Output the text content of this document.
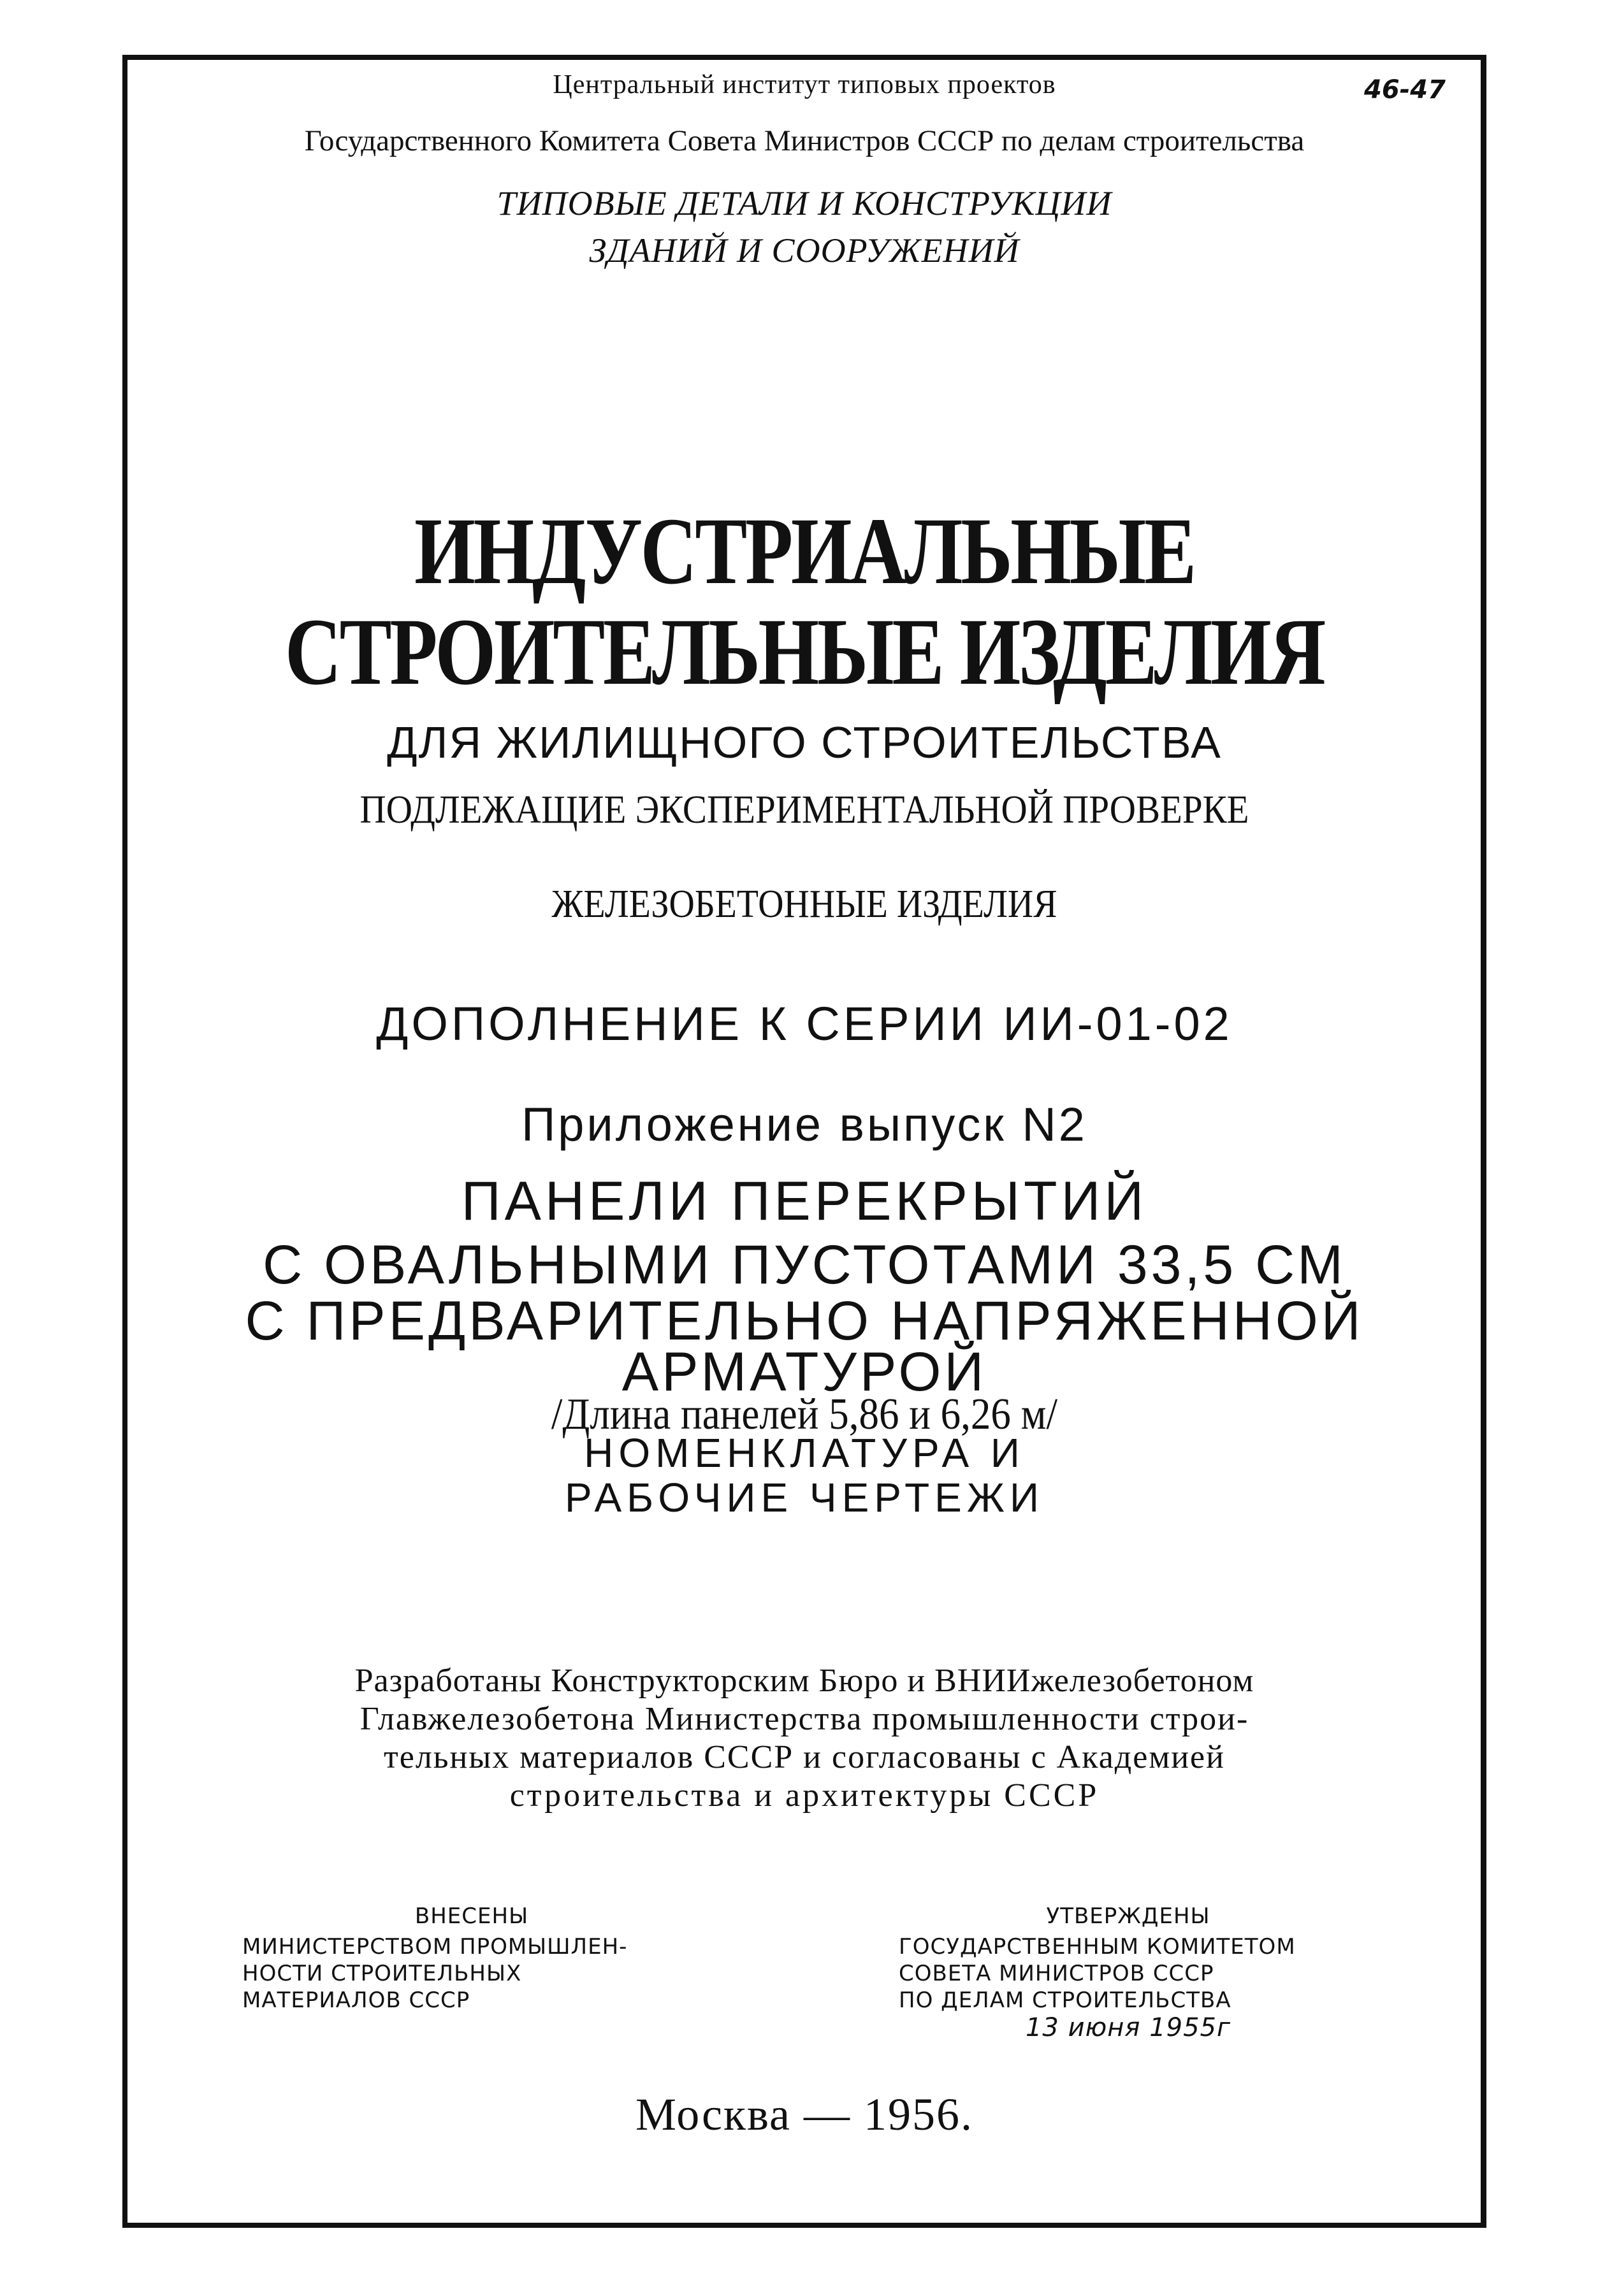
Центральный институт типовых проектов	46-47
Государственного Комитета Совета Министров СССР по делам строительства
ТИПОВЫЕ ДЕТАЛИ И КОНСТРУКЦИИ
ЗДАНИЙ И СООРУЖЕНИЙ
ИНДУСТРИАЛЬНЫЕ
СТРОИТЕЛЬНЫЕ ИЗДЕЛИЯ
ДЛЯ ЖИЛИЩНОГО СТРОИТЕЛЬСТВА
ПОДЛЕЖАЩИЕ ЭКСПЕРИМЕНТАЛЬНОЙ ПРОВЕРКЕ
ЖЕЛЕЗОБЕТОННЫЕ ИЗДЕЛИЯ
ДОПОЛНЕНИЕ К СЕРИИ ИИ-01-02
Приложение выпуск N2
ПАНЕЛИ ПЕРЕКРЫТИЙ
С ОВАЛЬНЫМИ ПУСТОТАМИ 33,5 СМ
С ПРЕДВАРИТЕЛЬНО НАПРЯЖЕННОЙ
АРМАТУРОЙ
/Длина панелей 5,86 и 6,26 м/
НОМЕНКЛАТУРА И
РАБОЧИЕ ЧЕРТЕЖИ
Разработаны Конструкторским Бюро и ВНИИжелезобетоном
Главжелезобетона Министерства промышленности строи-
тельных материалов СССР и согласованы с Академией
строительства и архитектуры СССР
ВНЕСЕНЫ
МИНИСТЕРСТВОМ ПРОМЫШЛЕН-
НОСТИ СТРОИТЕЛЬНЫХ
МАТЕРИАЛОВ СССР
УТВЕРЖДЕНЫ
ГОСУДАРСТВЕННЫМ КОМИТЕТОМ
СОВЕТА МИНИСТРОВ СССР
ПО ДЕЛАМ СТРОИТЕЛЬСТВА
13 июня 1955г
Москва — 1956.
